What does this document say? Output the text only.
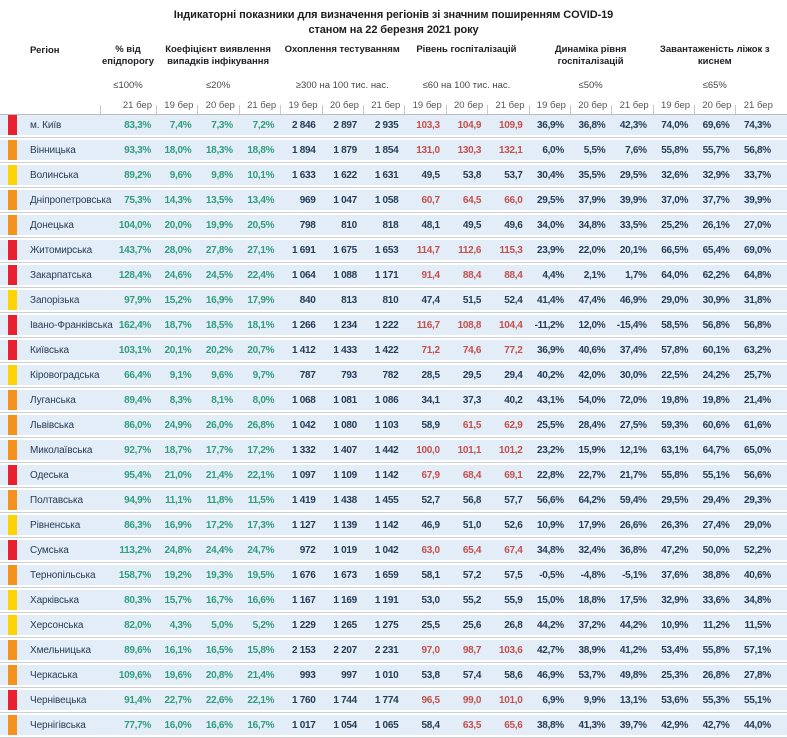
Індикаторні показники для визначення регіонів зі значним поширенням COVID-19
станом на 22 березня 2021 року
Регіон	% від епідпорогу
Коефіцієнт виявлення випадків інфікування
Охоплення тестуванням	Рівень госпіталізацій	Динаміка рівня госпіталізацій
Завантаженість ліжок з киснем
≤100%	≤20%	≥300 на 100 тис. нас.	≤60 на 100 тис. нас.	≤50%	≤65%
21 бер	19 бер	20 бер	21 бер	19 бер	20 бер	21 бер	19 бер	20 бер	21 бер	19 бер	20 бер	21 бер	19 бер	20 бер	21 бер
м. Київ	83,3%	7,4%	7,3%	7,2%	2 846	2 897	2 935	103,3	104,9	109,9	36,9%	36,8%	42,3%	74,0%	69,6%	74,3%
Вінницька	93,3%	18,0%	18,3%	18,8%	1 894	1 879	1 854	131,0	130,3	132,1	6,0%	5,5%	7,6%	55,8%	55,7%	56,8%
Волинська	89,2%	9,6%	9,8%	10,1%	1 633	1 622	1 631	49,5	53,8	53,7	30,4%	35,5%	29,5%	32,6%	32,9%	33,7%
Дніпропетровська	75,3%	14,3%	13,5%	13,4%	969	1 047	1 058	60,7	64,5	66,0	29,5%	37,9%	39,9%	37,0%	37,7%	39,9%
Донецька	104,0%	20,0%	19,9%	20,5%	798	810	818	48,1	49,5	49,6	34,0%	34,8%	33,5%	25,2%	26,1%	27,0%
Житомирська	143,7%	28,0%	27,8%	27,1%	1 691	1 675	1 653	114,7	112,6	115,3	23,9%	22,0%	20,1%	66,5%	65,4%	69,0%
Закарпатська	128,4%	24,6%	24,5%	22,4%	1 064	1 088	1 171	91,4	88,4	88,4	4,4%	2,1%	1,7%	64,0%	62,2%	64,8%
Запорізька	97,9%	15,2%	16,9%	17,9%	840	813	810	47,4	51,5	52,4	41,4%	47,4%	46,9%	29,0%	30,9%	31,8%
Івано-Франківська 162,4%	18,7%	18,5%	18,1%	1 266	1 234	1 222	116,7	108,8	104,4	-11,2%	12,0%	-15,4%	58,5%	56,8%	56,8%
Київська	103,1%	20,1%	20,2%	20,7%	1 412	1 433	1 422	71,2	74,6	77,2	36,9%	40,6%	37,4%	57,8%	60,1%	63,2%
Кіровоградська	66,4%	9,1%	9,6%	9,7%	787	793	782	28,5	29,5	29,4	40,2%	42,0%	30,0%	22,5%	24,2%	25,7%
Луганська	89,4%	8,3%	8,1%	8,0%	1 068	1 081	1 086	34,1	37,3	40,2	43,1%	54,0%	72,0%	19,8%	19,8%	21,4%
Львівська	86,0%	24,9%	26,0%	26,8%	1 042	1 080	1 103	58,9	61,5	62,9	25,5%	28,4%	27,5%	59,3%	60,6%	61,6%
Миколаївська	92,7%	18,7%	17,7%	17,2%	1 332	1 407	1 442	100,0	101,1	101,2	23,2%	15,9%	12,1%	63,1%	64,7%	65,0%
Одеська	95,4%	21,0%	21,4%	22,1%	1 097	1 109	1 142	67,9	68,4	69,1	22,8%	22,7%	21,7%	55,8%	55,1%	56,6%
Полтавська	94,9%	11,1%	11,8%	11,5%	1 419	1 438	1 455	52,7	56,8	57,7	56,6%	64,2%	59,4%	29,5%	29,4%	29,3%
Рівненська	86,3%	16,9%	17,2%	17,3%	1 127	1 139	1 142	46,9	51,0	52,6	10,9%	17,9%	26,6%	26,3%	27,4%	29,0%
Сумська	113,2%	24,8%	24,4%	24,7%	972	1 019	1 042	63,0	65,4	67,4	34,8%	32,4%	36,8%	47,2%	50,0%	52,2%
Тернопільська	158,7%	19,2%	19,3%	19,5%	1 676	1 673	1 659	58,1	57,2	57,5	-0,5%	-4,8%	-5,1%	37,6%	38,8%	40,6%
Харківська	80,3%	15,7%	16,7%	16,6%	1 167	1 169	1 191	53,0	55,2	55,9	15,0%	18,8%	17,5%	32,9%	33,6%	34,8%
Херсонська	82,0%	4,3%	5,0%	5,2%	1 229	1 265	1 275	25,5	25,6	26,8	44,2%	37,2%	44,2%	10,9%	11,2%	11,5%
Хмельницька	89,6%	16,1%	16,5%	15,8%	2 153	2 207	2 231	97,0	98,7	103,6	42,7%	38,9%	41,2%	53,4%	55,8%	57,1%
Черкаська	109,6%	19,6%	20,8%	21,4%	993	997	1 010	53,8	57,4	58,6	46,9%	53,7%	49,8%	25,3%	26,8%	27,8%
Чернівецька	91,4%	22,7%	22,6%	22,1%	1 760	1 744	1 774	96,5	99,0	101,0	6,9%	9,9%	13,1%	53,6%	55,3%	55,1%
Чернігівська	77,7%	16,0%	16,6%	16,7%	1 017	1 054	1 065	58,4	63,5	65,6	38,8%	41,3%	39,7%	42,9%	42,7%	44,0%
